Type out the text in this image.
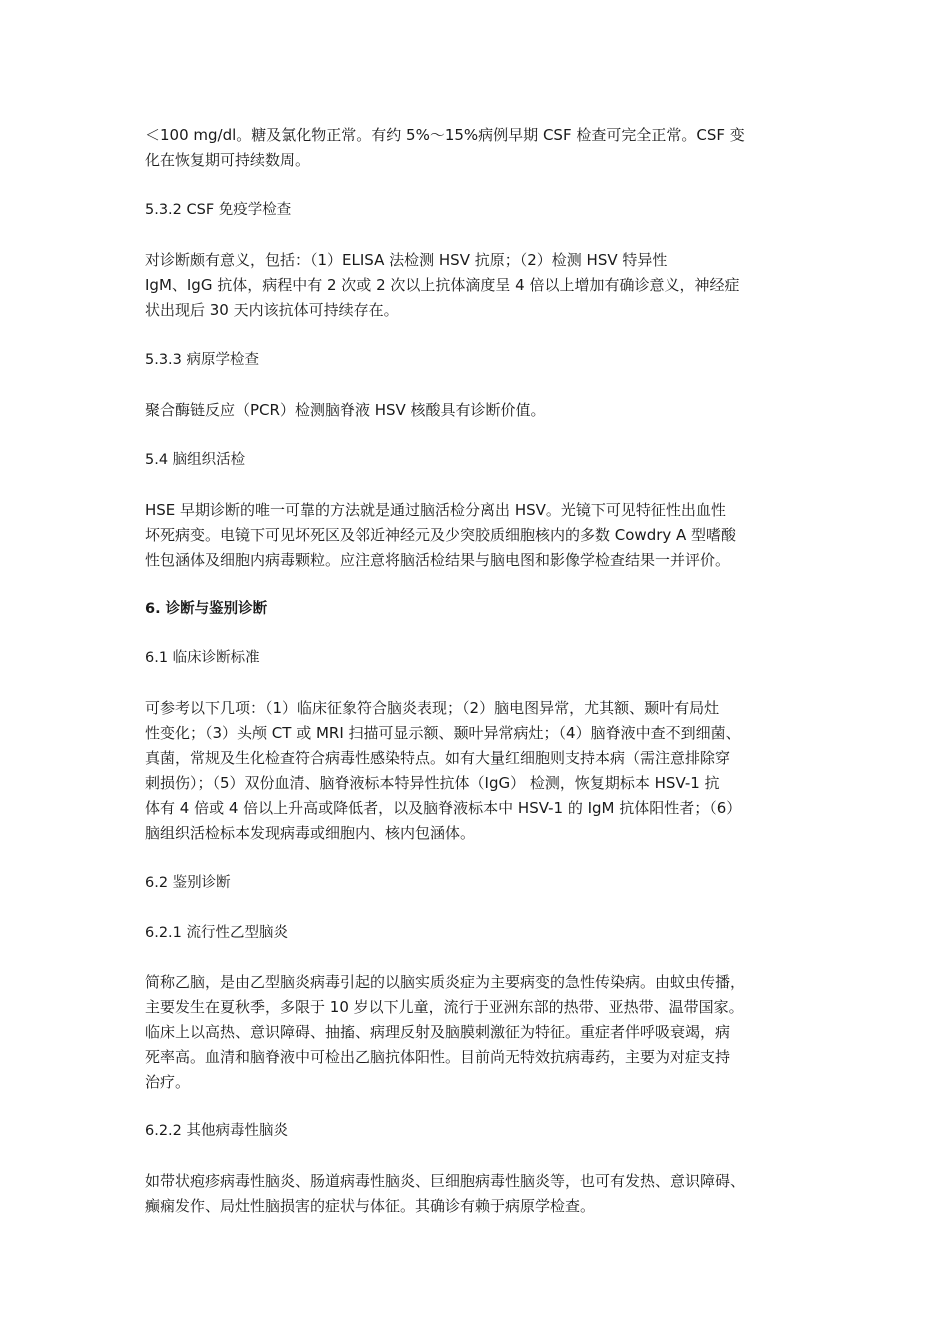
＜100 mg/dl。糖及氯化物正常。有约 5%～15%病例早期 CSF 检查可完全正常。CSF 变
化在恢复期可持续数周。
5.3.2 CSF 免疫学检查
对诊断颇有意义，包括：（1）ELISA 法检测 HSV 抗原；（2）检测 HSV 特异性
IgM、IgG 抗体，病程中有 2 次或 2 次以上抗体滴度呈 4 倍以上增加有确诊意义，神经症
状出现后 30 天内该抗体可持续存在。
5.3.3 病原学检查
聚合酶链反应（PCR）检测脑脊液 HSV 核酸具有诊断价值。
5.4 脑组织活检
HSE 早期诊断的唯一可靠的方法就是通过脑活检分离出 HSV。光镜下可见特征性出血性
坏死病变。电镜下可见坏死区及邻近神经元及少突胶质细胞核内的多数 Cowdry A 型嗜酸
性包涵体及细胞内病毒颗粒。应注意将脑活检结果与脑电图和影像学检查结果一并评价。
6. 诊断与鉴别诊断
6.1 临床诊断标准
可参考以下几项：（1）临床征象符合脑炎表现；（2）脑电图异常，尤其额、颞叶有局灶
性变化；（3）头颅 CT 或 MRI 扫描可显示额、颞叶异常病灶；（4）脑脊液中查不到细菌、
真菌，常规及生化检查符合病毒性感染特点。如有大量红细胞则支持本病（需注意排除穿
刺损伤）；（5）双份血清、脑脊液标本特异性抗体（IgG） 检测，恢复期标本 HSV-1 抗
体有 4 倍或 4 倍以上升高或降低者，以及脑脊液标本中 HSV-1 的 IgM 抗体阳性者；（6）
脑组织活检标本发现病毒或细胞内、核内包涵体。
6.2 鉴别诊断
6.2.1 流行性乙型脑炎
简称乙脑，是由乙型脑炎病毒引起的以脑实质炎症为主要病变的急性传染病。由蚊虫传播，
主要发生在夏秋季，多限于 10 岁以下儿童，流行于亚洲东部的热带、亚热带、温带国家。
临床上以高热、意识障碍、抽搐、病理反射及脑膜刺激征为特征。重症者伴呼吸衰竭，病
死率高。血清和脑脊液中可检出乙脑抗体阳性。目前尚无特效抗病毒药，主要为对症支持
治疗。
6.2.2 其他病毒性脑炎
如带状疱疹病毒性脑炎、肠道病毒性脑炎、巨细胞病毒性脑炎等，也可有发热、意识障碍、
癫痫发作、局灶性脑损害的症状与体征。其确诊有赖于病原学检查。
